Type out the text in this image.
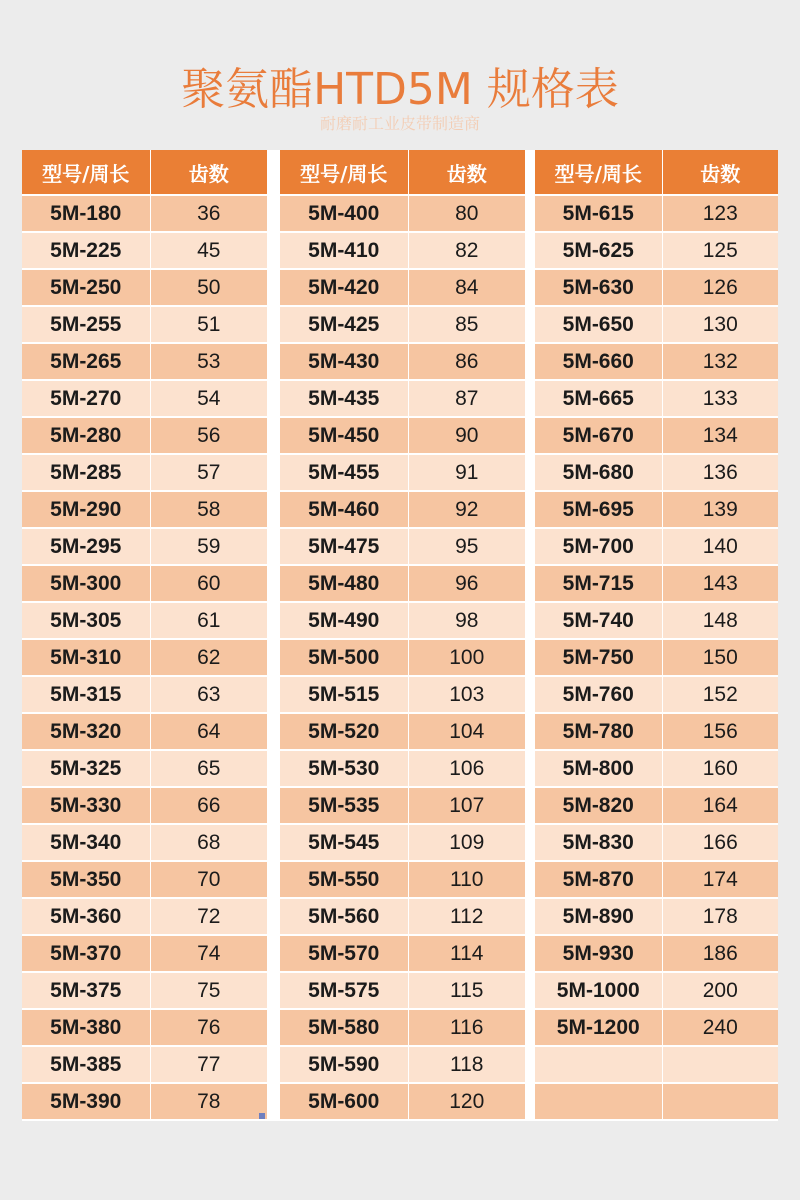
聚氨酯HTD5M 规格表
耐磨耐工业皮带制造商
型号/周长	齿数
5M-180	36
5M-225	45
5M-250	50
5M-255	51
5M-265	53
5M-270	54
5M-280	56
5M-285	57
5M-290	58
5M-295	59
5M-300	60
5M-305	61
5M-310	62
5M-315	63
5M-320	64
5M-325	65
5M-330	66
5M-340	68
5M-350	70
5M-360	72
5M-370	74
5M-375	75
5M-380	76
5M-385	77
5M-390	78
型号/周长	齿数
5M-400	80
5M-410	82
5M-420	84
5M-425	85
5M-430	86
5M-435	87
5M-450	90
5M-455	91
5M-460	92
5M-475	95
5M-480	96
5M-490	98
5M-500	100
5M-515	103
5M-520	104
5M-530	106
5M-535	107
5M-545	109
5M-550	110
5M-560	112
5M-570	114
5M-575	115
5M-580	116
5M-590	118
5M-600	120
型号/周长	齿数
5M-615	123
5M-625	125
5M-630	126
5M-650	130
5M-660	132
5M-665	133
5M-670	134
5M-680	136
5M-695	139
5M-700	140
5M-715	143
5M-740	148
5M-750	150
5M-760	152
5M-780	156
5M-800	160
5M-820	164
5M-830	166
5M-870	174
5M-890	178
5M-930	186
5M-1000	200
5M-1200	240
